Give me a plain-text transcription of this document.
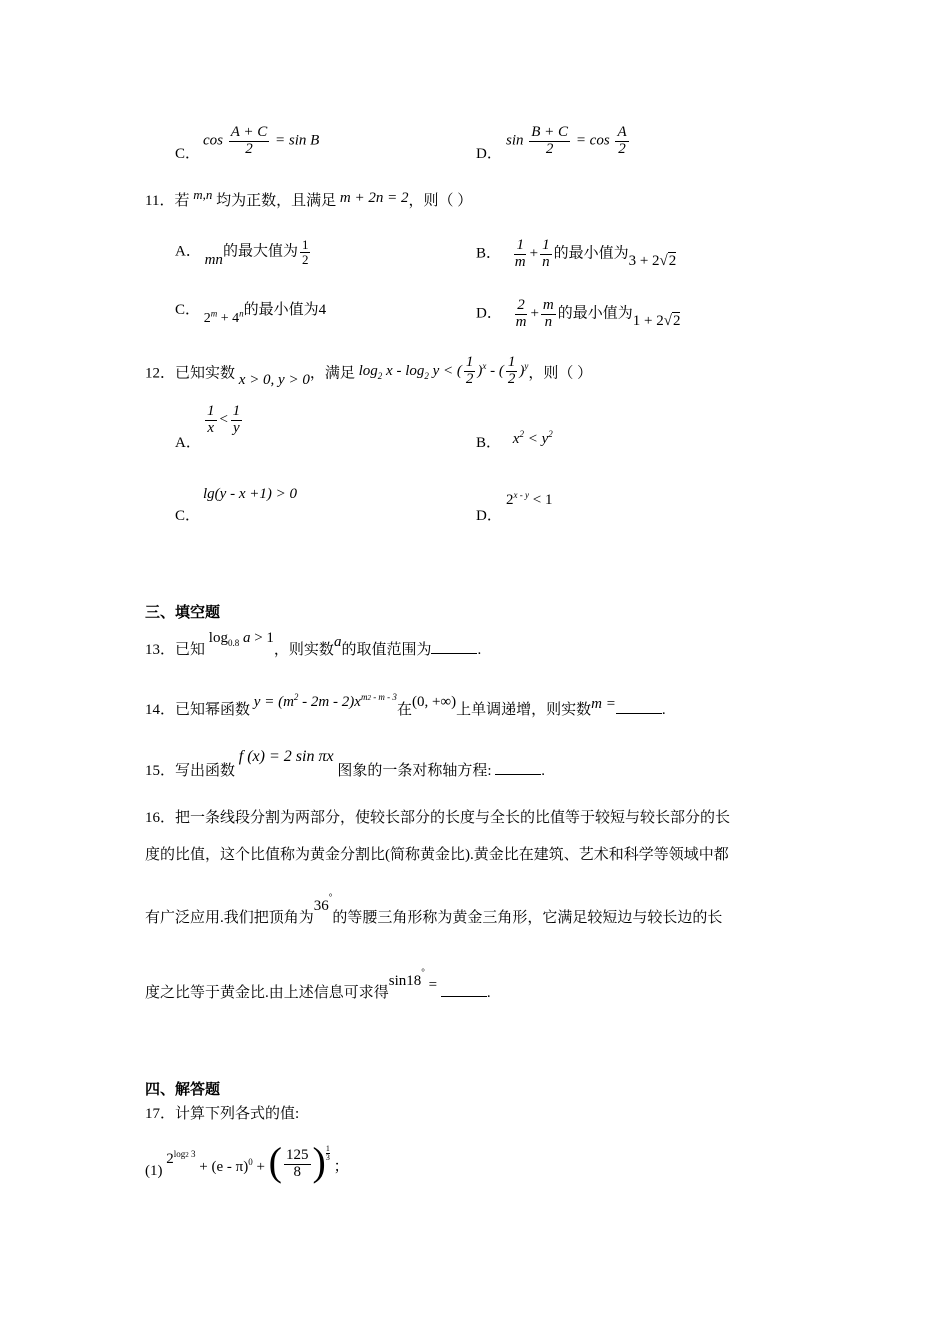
C．
$\cos \frac{A + C}{2} = \sin B$
D．
$\sin \frac{B + C}{2} = \cos \frac{A}{2}$
11．若 m,n 均为正数，且满足 m + 2n = 2，则（ ）
A． mn的最大值为 $\frac{1}{2}$	B． $\frac{1}{m} + \frac{1}{n}$ 的最小值为3 + 2√2
C． $2^m + 4^n$的最小值为4	D． $\frac{2}{m} + \frac{m}{n}$ 的最小值为1 + 2√2
12．已知实数 x > 0, y > 0，满足 $\log_2 x - \log_2 y$ < ( $\frac{1}{2} )^x$ - ( $\frac{1}{2} )^y$，则（ ）
A．
$\frac{1}{x} < \frac{1}{y}$
B． $x^2 < y^2$
C．
lg(y - x +1) > 0
D．
$2^{x - y} < 1$
三、填空题
13．已知 $\log_{0.8} a > 1$，则实数a的取值范围为	.
14．已知幂函数 $y = (m^2 - 2m - 2)x^{m2 - m - 3}$在(0, +∞)上单调递增，则实数m =	.
15．写出函数 f (x) = 2 sin πx 图象的一条对称轴方程:	.
16．把一条线段分割为两部分，使较长部分的长度与全长的比值等于较短与较长部分的长
度的比值，这个比值称为黄金分割比(简称黄金比).黄金比在建筑、艺术和科学等领域中都
有广泛应用.我们把顶角为36°的等腰三角形称为黄金三角形，它满足较短边与较长边的长
度之比等于黄金比.由上述信息可求得sin18° =	.
四、解答题
17．计算下列各式的值:
(1) $2^{log2 3} + (e - \pi)^0$ + ( $\frac{125}{8}$ ) $\frac{1}{3}$
；
